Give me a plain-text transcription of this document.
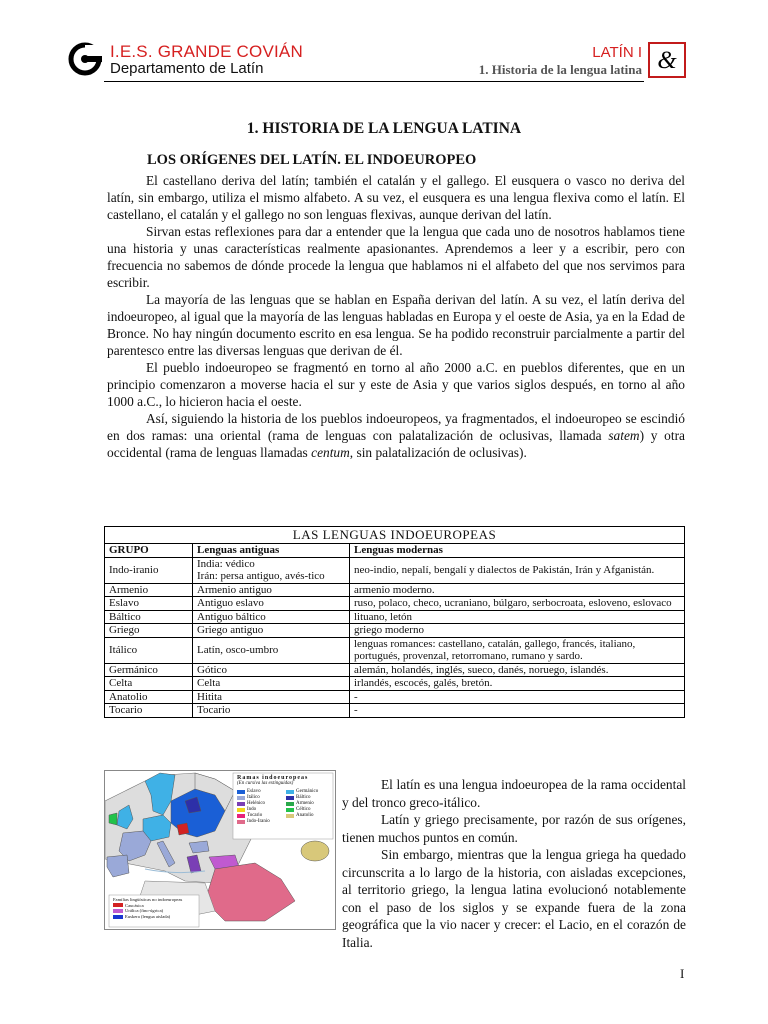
I.E.S. GRANDE COVIÁN
Departamento de Latín
LATÍN I
1. Historia de la lengua latina &
1. HISTORIA DE LA LENGUA LATINA
LOS ORÍGENES DEL LATÍN. EL INDOEUROPEO

El castellano deriva del latín; también el catalán y el gallego. El eusquera o vasco no deriva del latín, sin embargo, utiliza el mismo alfabeto. A su vez, el eusquera es una lengua flexiva como el latín. El castellano, el catalán y el gallego no son lenguas flexivas, aunque derivan del latín.

Sirvan estas reflexiones para dar a entender que la lengua que cada uno de nosotros hablamos tiene una historia y unas características realmente apasionantes. Aprendemos a leer y a escribir, pero con frecuencia no sabemos de dónde procede la lengua que hablamos ni el alfabeto del que nos servimos para escribir.

La mayoría de las lenguas que se hablan en España derivan del latín. A su vez, el latín deriva del indoeuropeo, al igual que la mayoría de las lenguas habladas en Europa y el oeste de Asia, ya en la Edad de Bronce. No hay ningún documento escrito en esa lengua. Se ha podido reconstruir parcialmente a partir del parentesco entre las diversas lenguas que derivan de él.

El pueblo indoeuropeo se fragmentó en torno al año 2000 a.C. en pueblos diferentes, que en un principio comenzaron a moverse hacia el sur y este de Asia y que varios siglos después, en torno al año 1000 a.C., lo hicieron hacia el oeste.

Así, siguiendo la historia de los pueblos indoeuropeos, ya fragmentados, el indoeuropeo se escindió en dos ramas: una oriental (rama de lenguas con palatalización de oclusivas, llamada satem) y otra occidental (rama de lenguas llamadas centum, sin palatalización de oclusivas).

LAS LENGUAS INDOEUROPEAS		
GRUPO	Lenguas antiguas	Lenguas modernas
Indo-iranio	India: védico
Irán: persa antiguo, avés-tico	neo-indio, nepalí, bengalí y dialectos de Pakistán, Irán y Afganistán.
Armenio	Armenio antiguo	armenio moderno.
Eslavo	Antiguo eslavo	ruso, polaco, checo, ucraniano, búlgaro, serbocroata, esloveno, eslovaco
Báltico	Antiguo báltico	lituano, letón
Griego	Griego antiguo	griego moderno
Itálico	Latín, osco-umbro	lenguas romances: castellano, catalán, gallego, francés, italiano, portugués, provenzal, retorromano, rumano y sardo.
Germánico	Gótico	alemán, holandés, inglés, sueco, danés, noruego, islandés.
Celta	Celta	irlandés, escocés, galés, bretón.
Anatolio	Hitita	-
Tocario	Tocario	-
Ramas indoeuropeas
(En cursiva las extinguidas)
Eslavo	Germánico
Itálico	Báltico
Helénico	Armenio
Indo	Céltico
Tocario	Anatolio
Indo-Iranio
Familias lingüísticas no indoeuropeas
Caucásica
Urálica (fino-úgrica)
Euskera (lengua aislada)

El latín es una lengua indoeuropea de la rama occidental y del tronco greco-itálico.

Latín y griego precisamente, por razón de sus orígenes, tienen muchos puntos en común.

Sin embargo, mientras que la lengua griega ha quedado circunscrita a lo largo de la historia, con aisladas excepciones, al territorio griego, la lengua latina evolucionó notablemente con el paso de los siglos y se expande fuera de la zona geográfica que la vio nacer y crecer: el Lacio, en el corazón de Italia.

I
